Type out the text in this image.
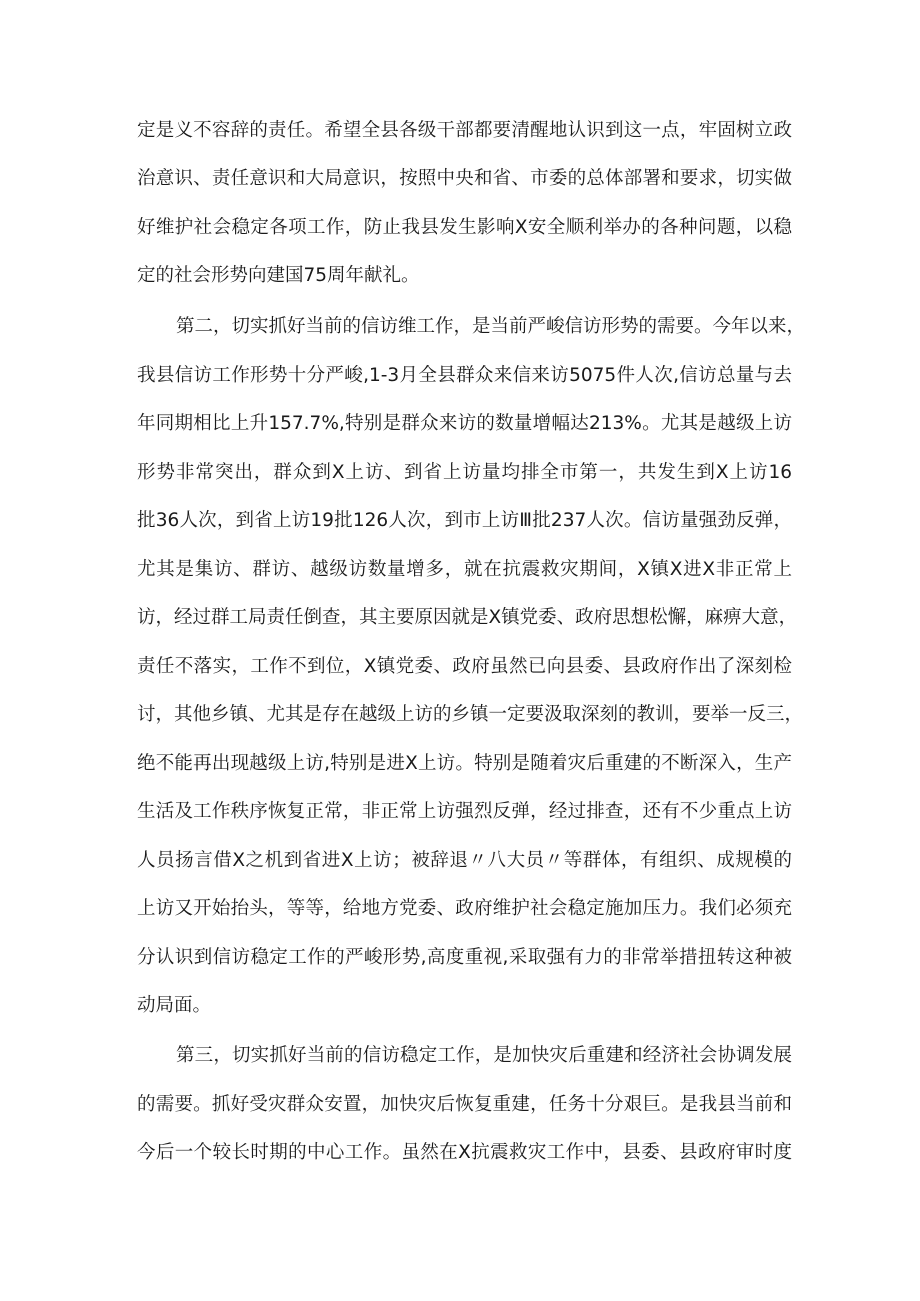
定是义不容辞的责任。希望全县各级干部都要清醒地认识到这一点，牢固树立政
治意识、责任意识和大局意识，按照中央和省、市委的总体部署和要求，切实做
好维护社会稳定各项工作，防止我县发生影响X安全顺利举办的各种问题，以稳
定的社会形势向建国75周年献礼。
第二，切实抓好当前的信访维工作，是当前严峻信访形势的需要。今年以来，
我县信访工作形势十分严峻,1-3月全县群众来信来访5075件人次,信访总量与去
年同期相比上升157.7%,特别是群众来访的数量增幅达213%。尤其是越级上访
形势非常突出，群众到X上访、到省上访量均排全市第一，共发生到X上访16
批36人次，到省上访19批126人次，到市上访Ⅲ批237人次。信访量强劲反弹，
尤其是集访、群访、越级访数量增多，就在抗震救灾期间，X镇X进X非正常上
访，经过群工局责任倒查，其主要原因就是X镇党委、政府思想松懈，麻痹大意，
责任不落实，工作不到位，X镇党委、政府虽然已向县委、县政府作出了深刻检
讨，其他乡镇、尤其是存在越级上访的乡镇一定要汲取深刻的教训，要举一反三，
绝不能再出现越级上访,特别是进X上访。特别是随着灾后重建的不断深入，生产
生活及工作秩序恢复正常，非正常上访强烈反弹，经过排查，还有不少重点上访
人员扬言借X之机到省进X上访；被辞退〃八大员〃等群体，有组织、成规模的
上访又开始抬头，等等，给地方党委、政府维护社会稳定施加压力。我们必须充
分认识到信访稳定工作的严峻形势,高度重视,采取强有力的非常举措扭转这种被
动局面。
第三，切实抓好当前的信访稳定工作，是加快灾后重建和经济社会协调发展
的需要。抓好受灾群众安置，加快灾后恢复重建，任务十分艰巨。是我县当前和
今后一个较长时期的中心工作。虽然在X抗震救灾工作中，县委、县政府审时度
